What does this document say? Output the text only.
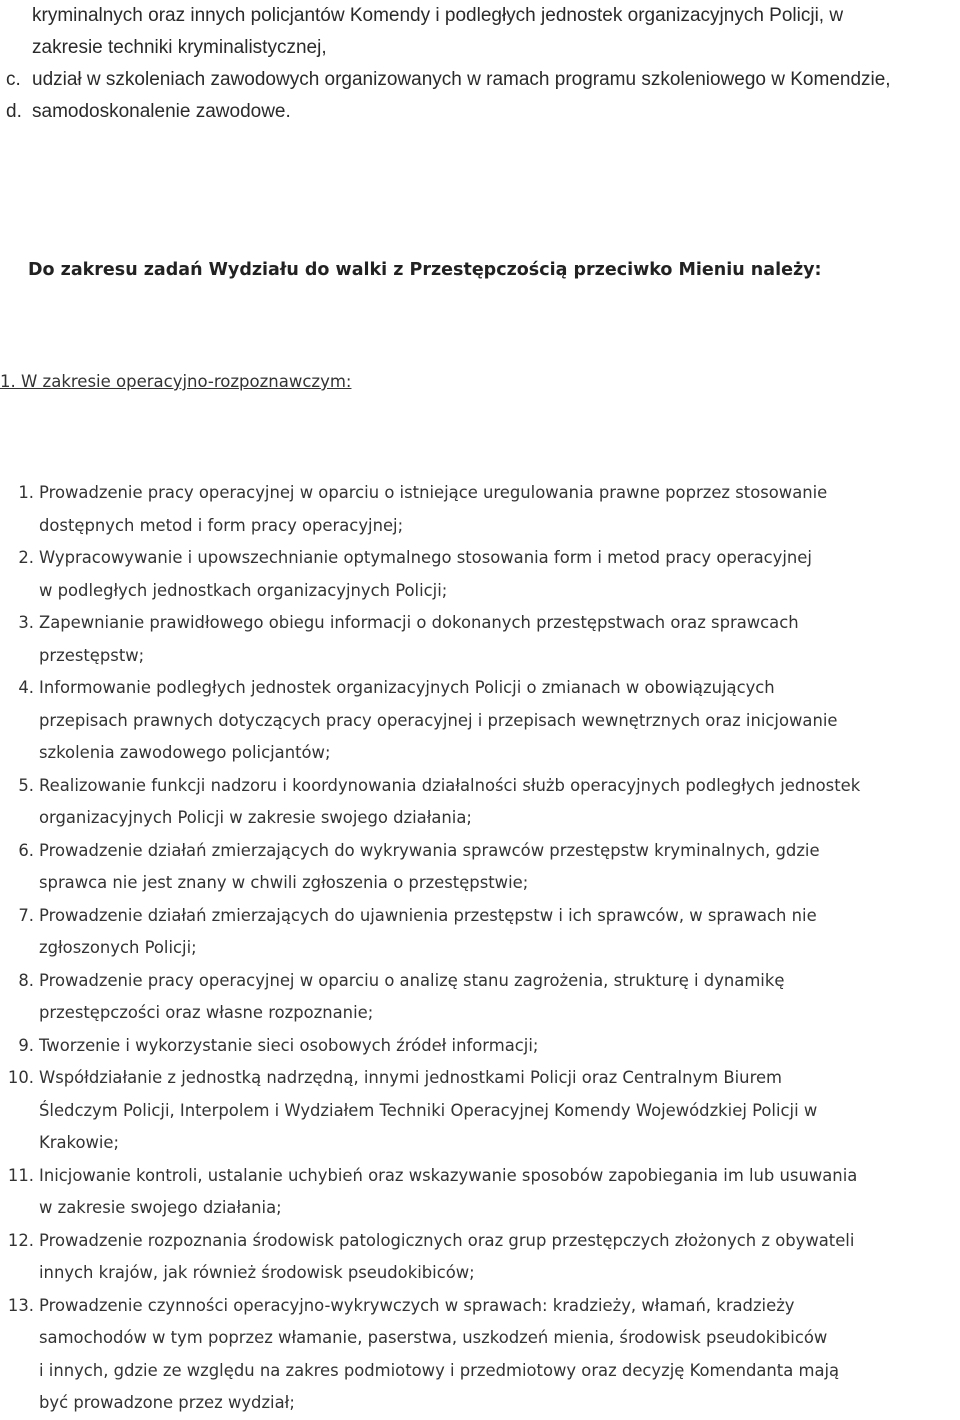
kryminalnych oraz innych policjantów Komendy i podległych jednostek organizacyjnych Policji, w
zakresie techniki kryminalistycznej,
c. udział w szkoleniach zawodowych organizowanych w ramach programu szkoleniowego w Komendzie,
d. samodoskonalenie zawodowe.
Do zakresu zadań Wydziału do walki z Przestępczością przeciwko Mieniu należy:
1. W zakresie operacyjno-rozpoznawczym:
1. Prowadzenie pracy operacyjnej w oparciu o istniejące uregulowania prawne poprzez stosowanie
dostępnych metod i form pracy operacyjnej;
2. Wypracowywanie i upowszechnianie optymalnego stosowania form i metod pracy operacyjnej
w podległych jednostkach organizacyjnych Policji;
3. Zapewnianie prawidłowego obiegu informacji o dokonanych przestępstwach oraz sprawcach
przestępstw;
4. Informowanie podległych jednostek organizacyjnych Policji o zmianach w obowiązujących
przepisach prawnych dotyczących pracy operacyjnej i przepisach wewnętrznych oraz inicjowanie
szkolenia zawodowego policjantów;
5. Realizowanie funkcji nadzoru i koordynowania działalności służb operacyjnych podległych jednostek
organizacyjnych Policji w zakresie swojego działania;
6. Prowadzenie działań zmierzających do wykrywania sprawców przestępstw kryminalnych, gdzie
sprawca nie jest znany w chwili zgłoszenia o przestępstwie;
7. Prowadzenie działań zmierzających do ujawnienia przestępstw i ich sprawców, w sprawach nie
zgłoszonych Policji;
8. Prowadzenie pracy operacyjnej w oparciu o analizę stanu zagrożenia, strukturę i dynamikę
przestępczości oraz własne rozpoznanie;
9. Tworzenie i wykorzystanie sieci osobowych źródeł informacji;
10. Współdziałanie z jednostką nadrzędną, innymi jednostkami Policji oraz Centralnym Biurem
Śledczym Policji, Interpolem i Wydziałem Techniki Operacyjnej Komendy Wojewódzkiej Policji w
Krakowie;
11. Inicjowanie kontroli, ustalanie uchybień oraz wskazywanie sposobów zapobiegania im lub usuwania
w zakresie swojego działania;
12. Prowadzenie rozpoznania środowisk patologicznych oraz grup przestępczych złożonych z obywateli
innych krajów, jak również środowisk pseudokibiców;
13. Prowadzenie czynności operacyjno-wykrywczych w sprawach: kradzieży, włamań, kradzieży
samochodów w tym poprzez włamanie, paserstwa, uszkodzeń mienia, środowisk pseudokibiców
i innych, gdzie ze względu na zakres podmiotowy i przedmiotowy oraz decyzję Komendanta mają
być prowadzone przez wydział;
